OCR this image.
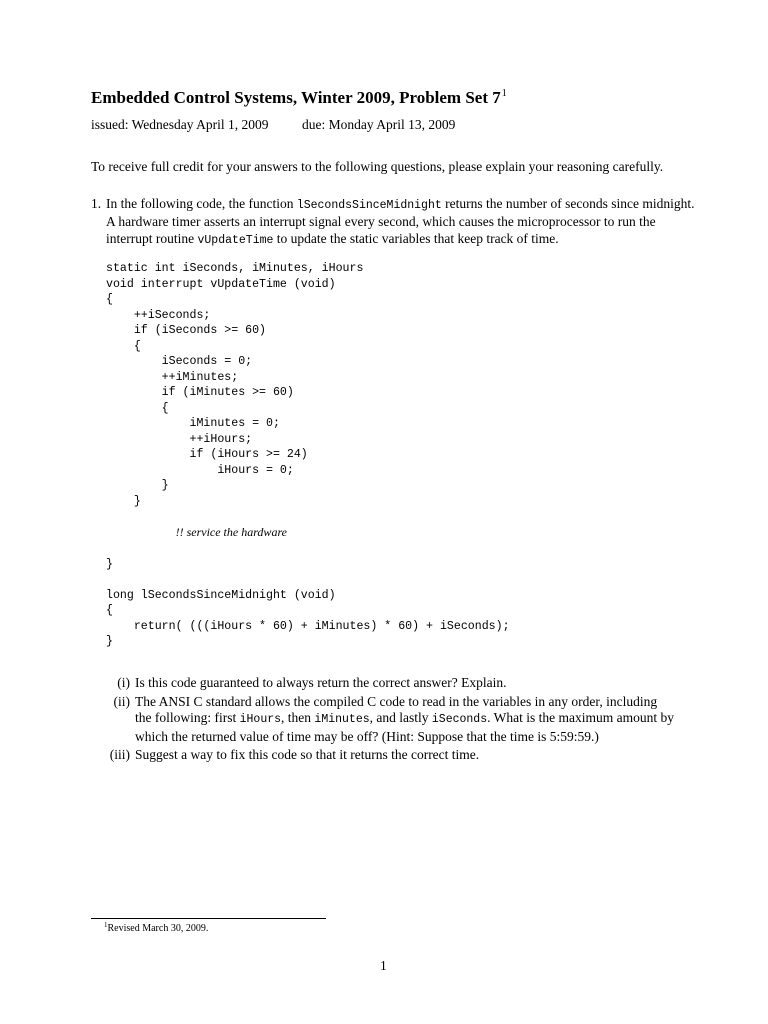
Embedded Control Systems, Winter 2009, Problem Set $7^1$
issued: Wednesday April 1, 2009 due: Monday April 13, 2009
To receive full credit for your answers to the following questions, please explain your reasoning carefully.
1. In the following code, the function lSecondsSinceMidnight returns the number of seconds since midnight.
A hardware timer asserts an interrupt signal every second, which causes the microprocessor to run the
interrupt routine vUpdateTime to update the static variables that keep track of time.
static int iSeconds, iMinutes, iHours
void interrupt vUpdateTime (void)
{
++iSeconds;
if (iSeconds >= 60)
{
iSeconds = 0;
++iMinutes;
if (iMinutes >= 60)
{
iMinutes = 0;
++iHours;
if (iHours >= 24)
iHours = 0;
}
}

!! service the hardware

}

long lSecondsSinceMidnight (void)
{
return( (((iHours * 60) + iMinutes) * 60) + iSeconds);
}
(i) Is this code guaranteed to always return the correct answer? Explain.
(ii) The ANSI C standard allows the compiled C code to read in the variables in any order, including
the following: first iHours, then iMinutes, and lastly iSeconds. What is the maximum amount by
which the returned value of time may be off? (Hint: Suppose that the time is 5:59:59.)
(iii) Suggest a way to fix this code so that it returns the correct time.
$^1$Revised March 30, 2009.
1
